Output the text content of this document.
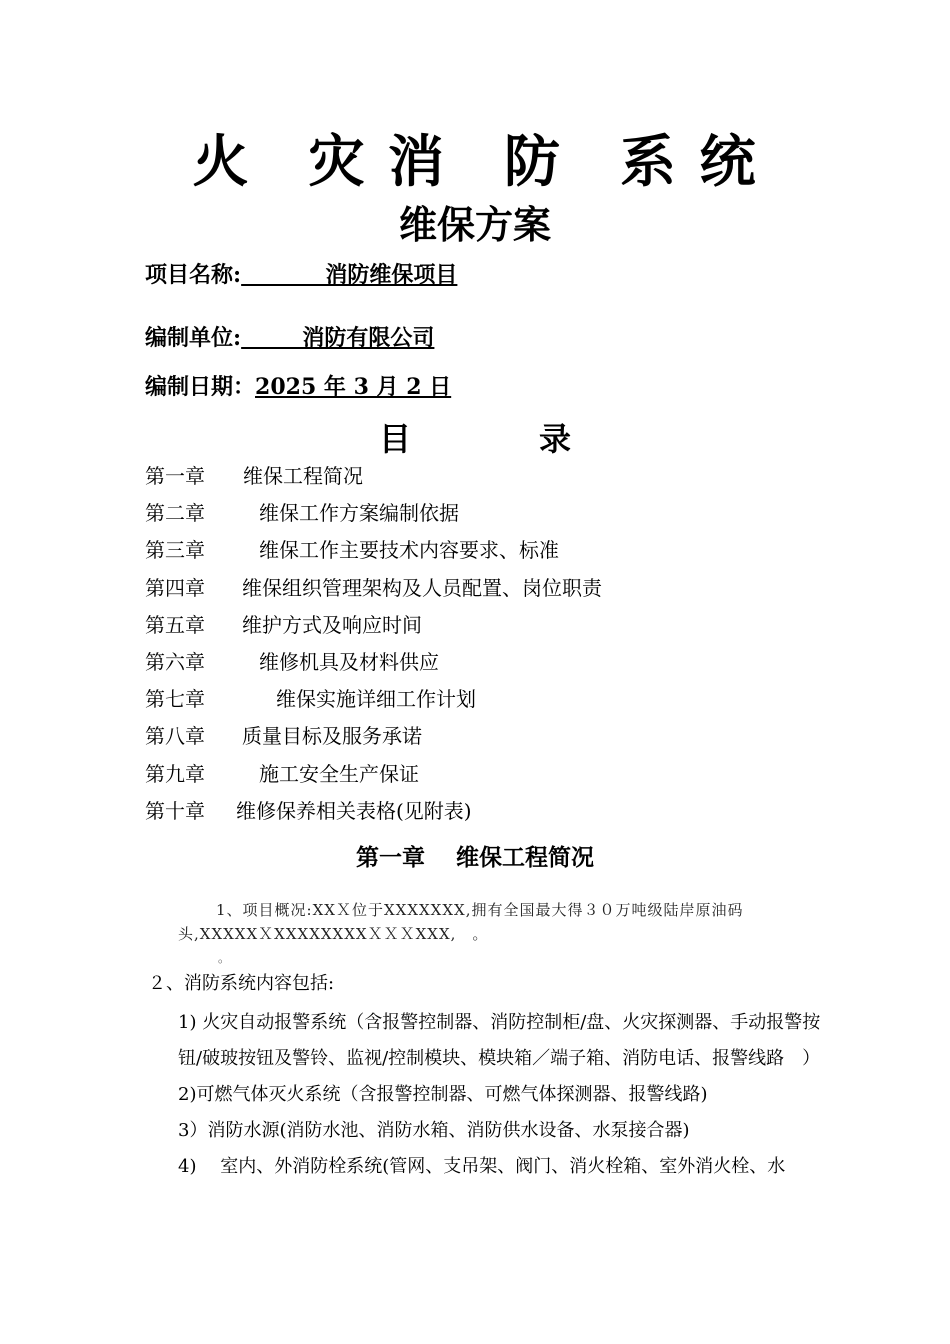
火　灾 消　防　系 统
维保方案
项目名称:           消防维保项目
编制单位:        消防有限公司
编制日期：2025 年 3 月 2 日
目　　　　录
第一章 维保工程简况
第二章	维保工作方案编制依据
第三章	维保工作主要技术内容要求、标准
第四章 维保组织管理架构及人员配置、岗位职责
第五章 维护方式及响应时间
第六章	维修机具及材料供应
第七章	维保实施详细工作计划
第八章 质量目标及服务承诺
第九章	施工安全生产保证
第十章 维修保养相关表格(见附表)
第一章　 维保工程简况

1、项目概况:XXＸ位于XXXXXXX,拥有全国最大得３０万吨级陆岸原油码

头,XXXXXＸXXXXXXXXＸＸＸXXX,　。

。
２、消防系统内容包括:
1) 火灾自动报警系统（含报警控制器、消防控制柜/盘、火灾探测器、手动报警按钮/破玻按钮及警铃、监视/控制模块、模块箱／端子箱、消防电话、报警线路　）
2)可燃气体灭火系统（含报警控制器、可燃气体探测器、报警线路)
3）消防水源(消防水池、消防水箱、消防供水设备、水泵接合器)
4)　 室内、外消防栓系统(管网、支吊架、阀门、消火栓箱、室外消火栓、水
